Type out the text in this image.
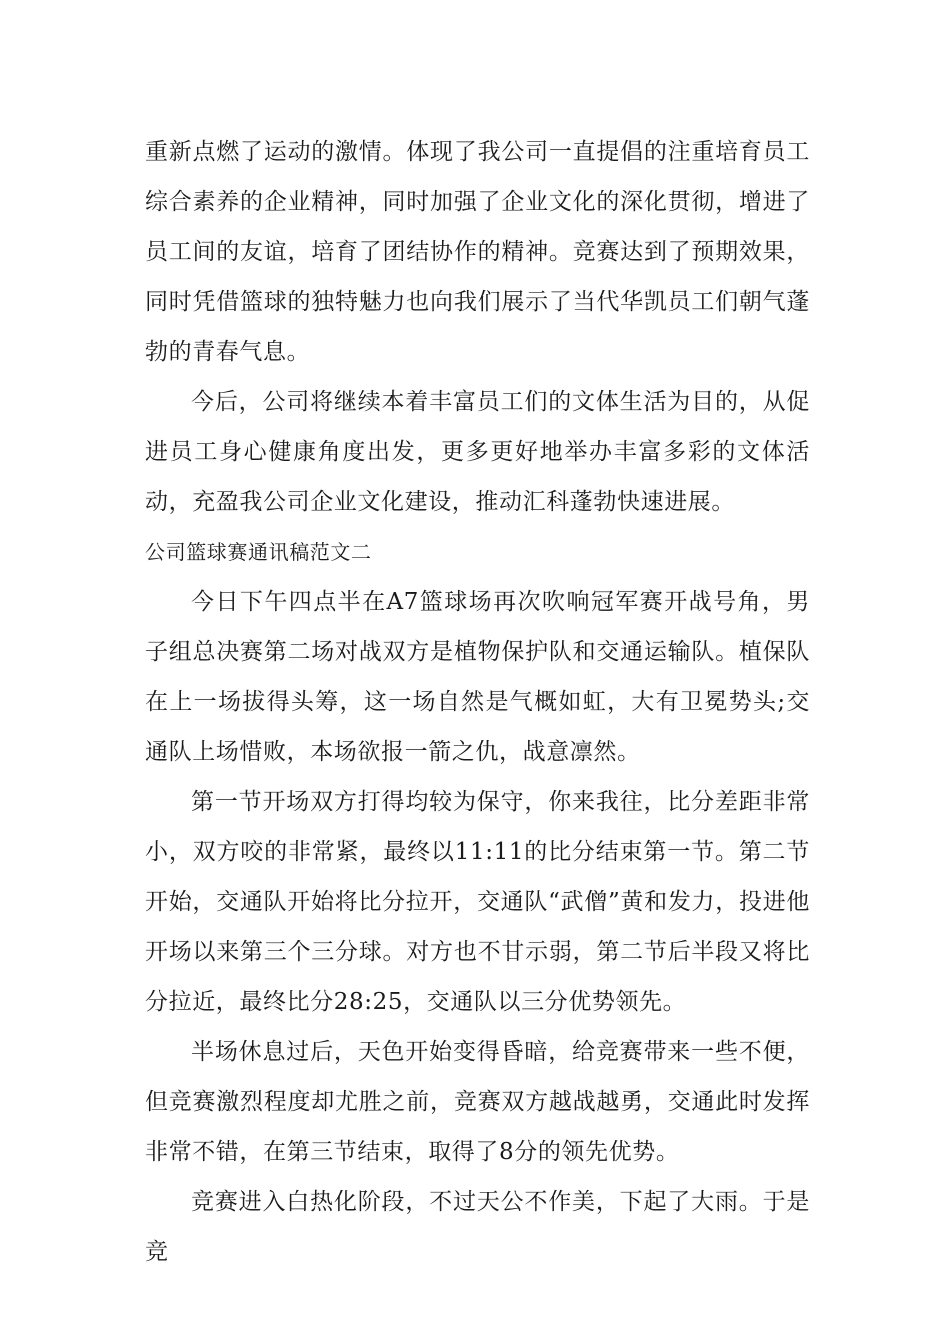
重新点燃了运动的激情。体现了我公司一直提倡的注重培育员工综合素养的企业精神，同时加强了企业文化的深化贯彻，增进了员工间的友谊，培育了团结协作的精神。竞赛达到了预期效果，同时凭借篮球的独特魅力也向我们展示了当代华凯员工们朝气蓬勃的青春气息。

今后，公司将继续本着丰富员工们的文体生活为目的，从促进员工身心健康角度出发，更多更好地举办丰富多彩的文体活动，充盈我公司企业文化建设，推动汇科蓬勃快速进展。

公司篮球赛通讯稿范文二

今日下午四点半在A7篮球场再次吹响冠军赛开战号角，男子组总决赛第二场对战双方是植物保护队和交通运输队。植保队在上一场拔得头筹，这一场自然是气概如虹，大有卫冕势头;交通队上场惜败，本场欲报一箭之仇，战意凛然。

第一节开场双方打得均较为保守，你来我往，比分差距非常小，双方咬的非常紧，最终以11:11的比分结束第一节。第二节开始，交通队开始将比分拉开，交通队“武僧”黄和发力，投进他开场以来第三个三分球。对方也不甘示弱，第二节后半段又将比分拉近，最终比分28:25，交通队以三分优势领先。

半场休息过后，天色开始变得昏暗，给竞赛带来一些不便，但竞赛激烈程度却尤胜之前，竞赛双方越战越勇，交通此时发挥非常不错，在第三节结束，取得了8分的领先优势。

竞赛进入白热化阶段，不过天公不作美，下起了大雨。于是竞
